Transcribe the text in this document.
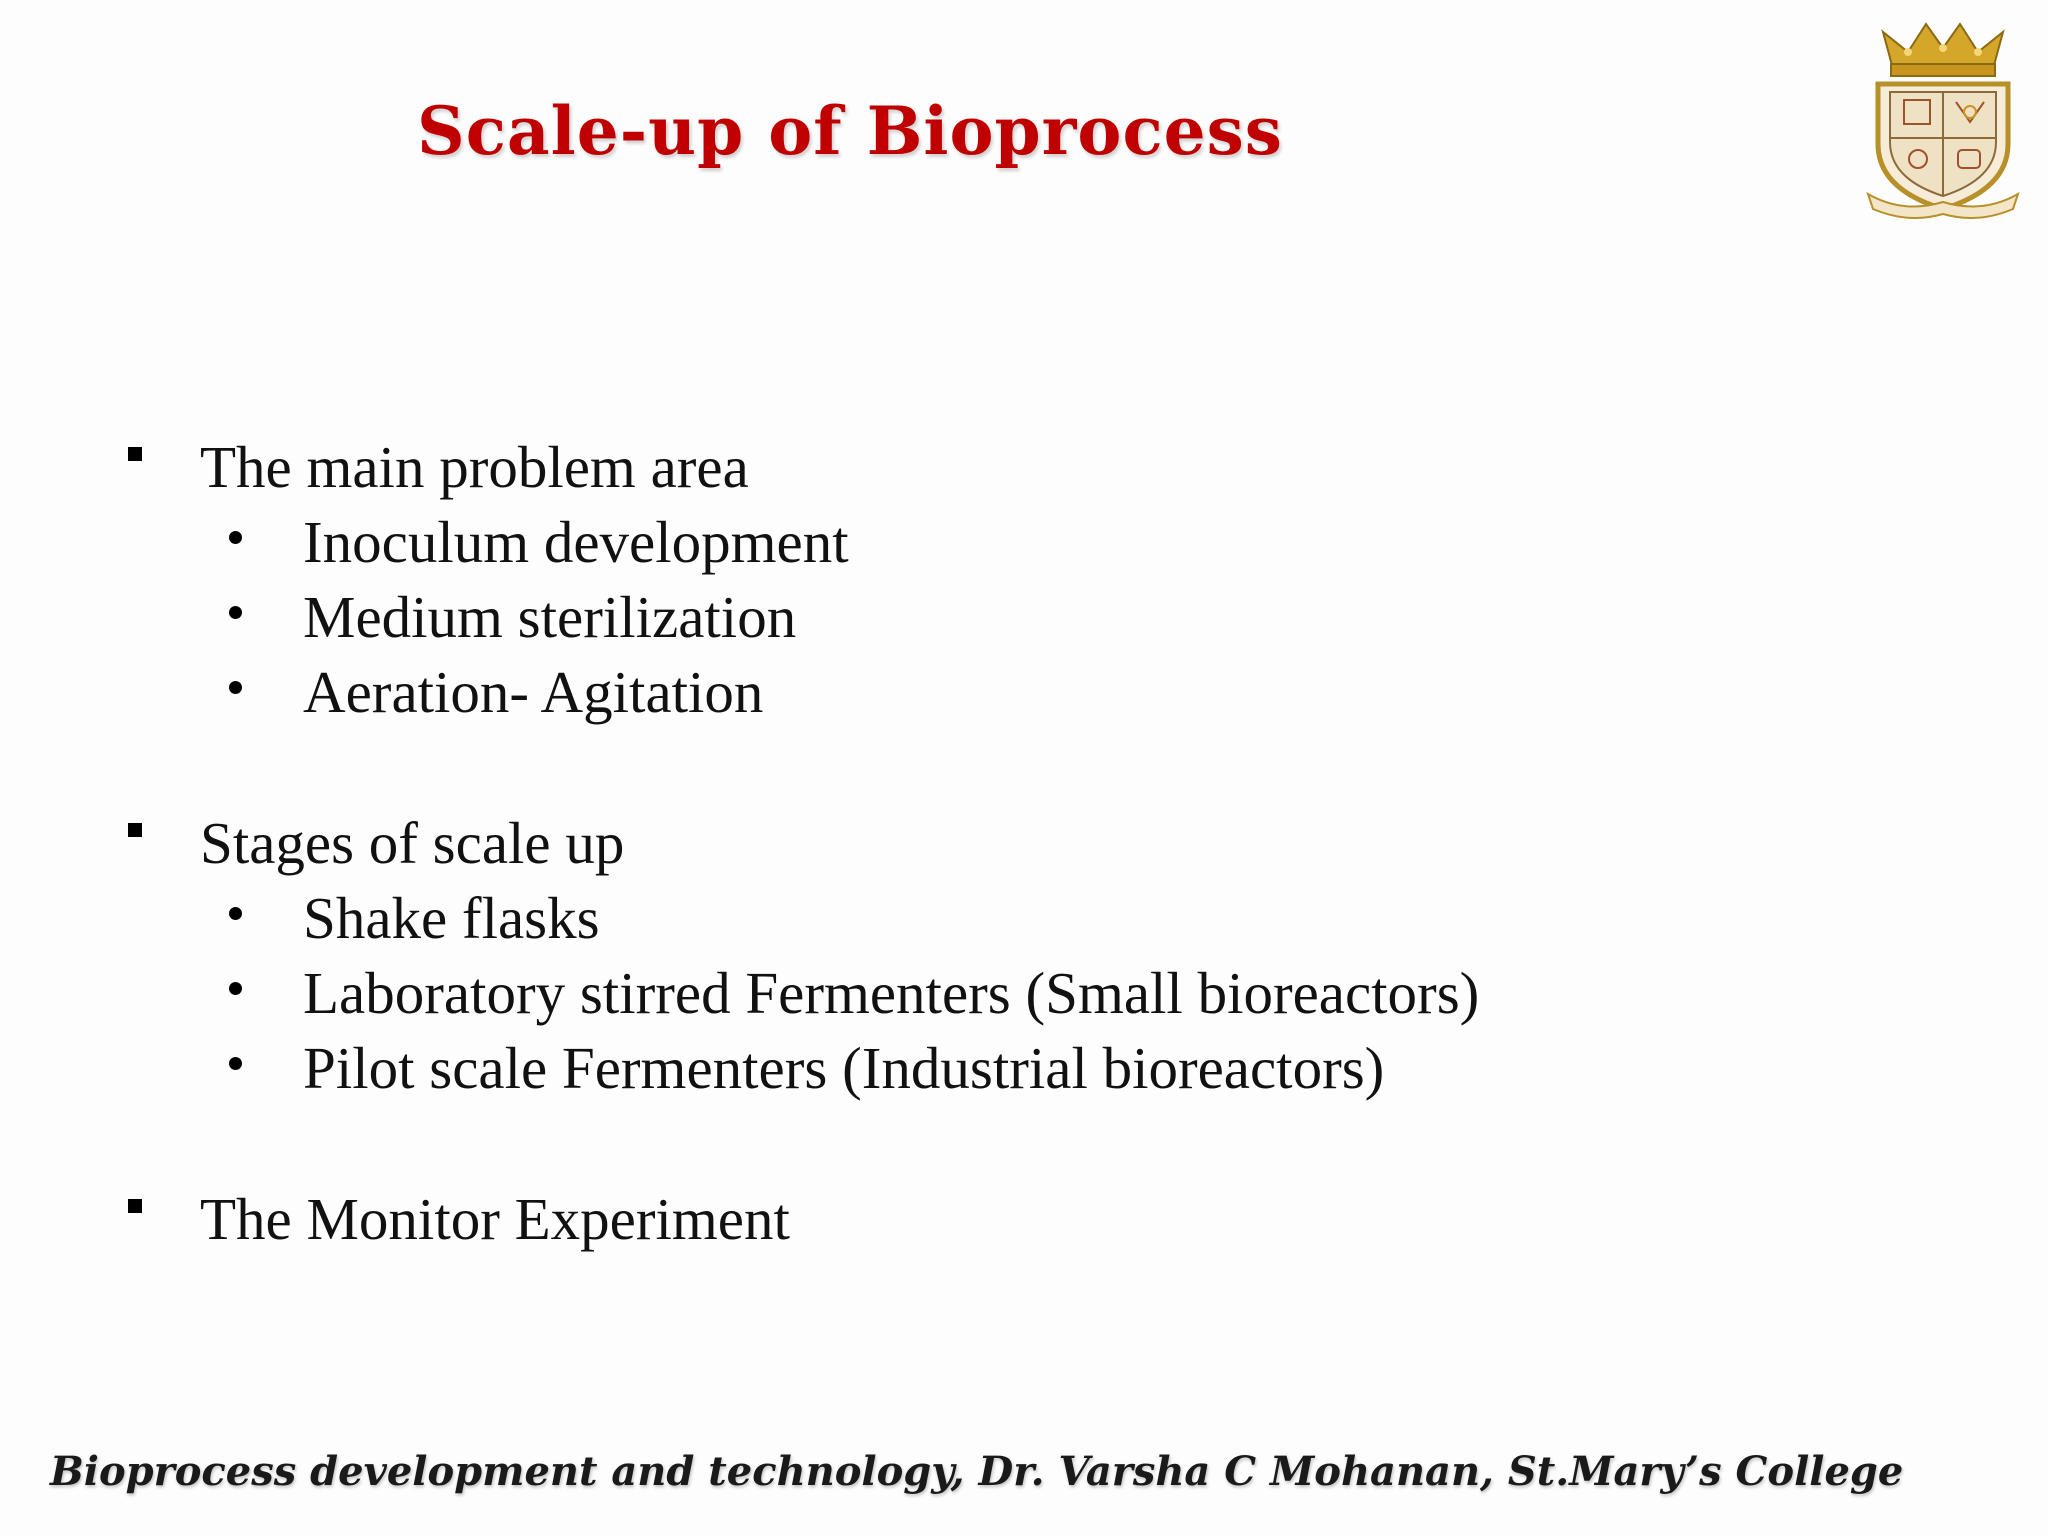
Scale-up of Bioprocess
The main problem area
Inoculum development
Medium sterilization
Aeration- Agitation
Stages of scale up
Shake flasks
Laboratory stirred Fermenters (Small bioreactors)
Pilot scale Fermenters (Industrial bioreactors)
The Monitor Experiment
Bioprocess development and technology, Dr. Varsha C Mohanan, St.Mary’s College
